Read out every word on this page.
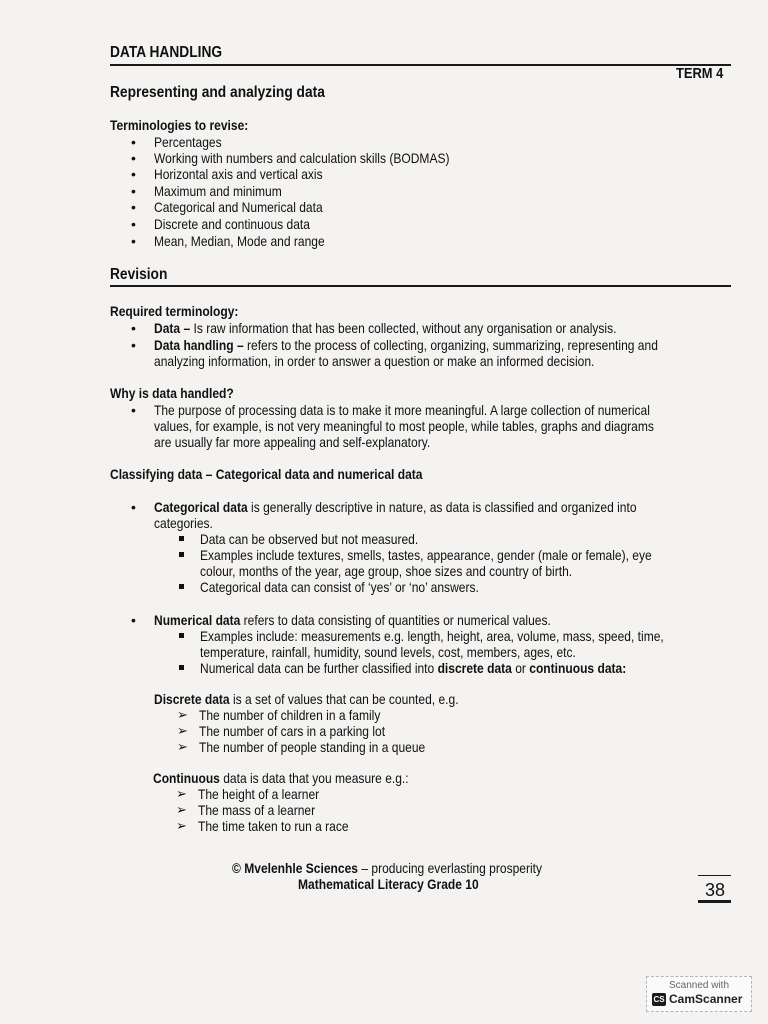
DATA HANDLING
TERM 4
Representing and analyzing data
Terminologies to revise:
• Percentages
• Working with numbers and calculation skills (BODMAS)
• Horizontal axis and vertical axis
• Maximum and minimum
• Categorical and Numerical data
• Discrete and continuous data
• Mean, Median, Mode and range
Revision
Required terminology:
• Data – Is raw information that has been collected, without any organisation or analysis.
• Data handling – refers to the process of collecting, organizing, summarizing, representing and
analyzing information, in order to answer a question or make an informed decision.
Why is data handled?
• The purpose of processing data is to make it more meaningful. A large collection of numerical
values, for example, is not very meaningful to most people, while tables, graphs and diagrams
are usually far more appealing and self-explanatory.
Classifying data – Categorical data and numerical data
• Categorical data is generally descriptive in nature, as data is classified and organized into
categories.
Data can be observed but not measured.
Examples include textures, smells, tastes, appearance, gender (male or female), eye
colour, months of the year, age group, shoe sizes and country of birth.
Categorical data can consist of ‘yes’ or ‘no’ answers.
• Numerical data refers to data consisting of quantities or numerical values.
Examples include: measurements e.g. length, height, area, volume, mass, speed, time,
temperature, rainfall, humidity, sound levels, cost, members, ages, etc.
Numerical data can be further classified into discrete data or continuous data:
Discrete data is a set of values that can be counted, e.g.
➢ The number of children in a family
➢ The number of cars in a parking lot
➢ The number of people standing in a queue
Continuous data is data that you measure e.g.:
➢ The height of a learner
➢ The mass of a learner
➢ The time taken to run a race
© Mvelenhle Sciences – producing everlasting prosperity
Mathematical Literacy Grade 10	38
Scanned with
CS CamScanner
